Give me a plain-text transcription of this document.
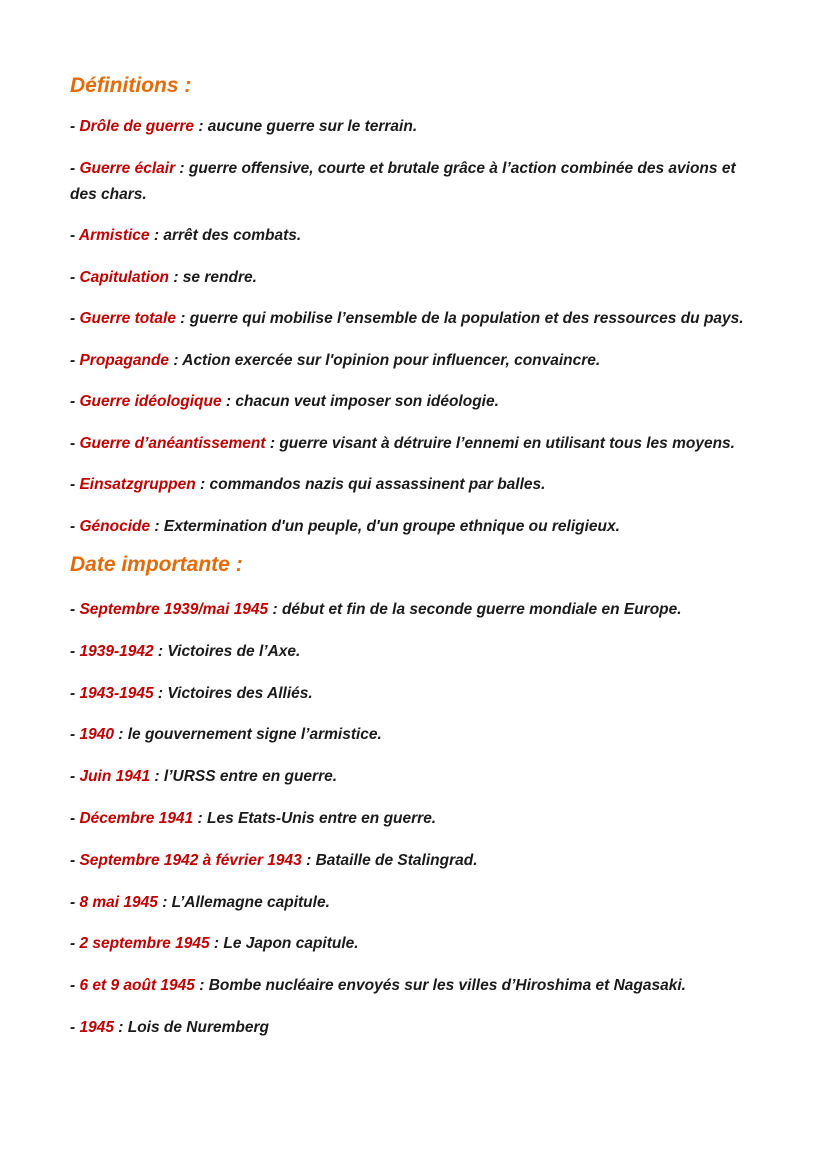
Définitions :
- Drôle de guerre : aucune guerre sur le terrain.
- Guerre éclair : guerre offensive, courte et brutale grâce à l’action combinée des avions et des chars.
- Armistice : arrêt des combats.
- Capitulation : se rendre.
- Guerre totale : guerre qui mobilise l’ensemble de la population et des ressources du pays.
- Propagande : Action exercée sur l'opinion pour influencer, convaincre.
- Guerre idéologique : chacun veut imposer son idéologie.
- Guerre d’anéantissement : guerre visant à détruire l’ennemi en utilisant tous les moyens.
- Einsatzgruppen : commandos nazis qui assassinent par balles.
- Génocide : Extermination d'un peuple, d'un groupe ethnique ou religieux.
Date importante :
- Septembre 1939/mai 1945 : début et fin de la seconde guerre mondiale en Europe.
- 1939-1942 : Victoires de l’Axe.
- 1943-1945 : Victoires des Alliés.
- 1940 : le gouvernement signe l’armistice.
- Juin 1941 : l’URSS entre en guerre.
- Décembre 1941 : Les Etats-Unis entre en guerre.
- Septembre 1942 à février 1943 : Bataille de Stalingrad.
- 8 mai 1945 : L’Allemagne capitule.
- 2 septembre 1945 : Le Japon capitule.
- 6 et 9 août 1945 : Bombe nucléaire envoyés sur les villes d’Hiroshima et Nagasaki.
- 1945 : Lois de Nuremberg
